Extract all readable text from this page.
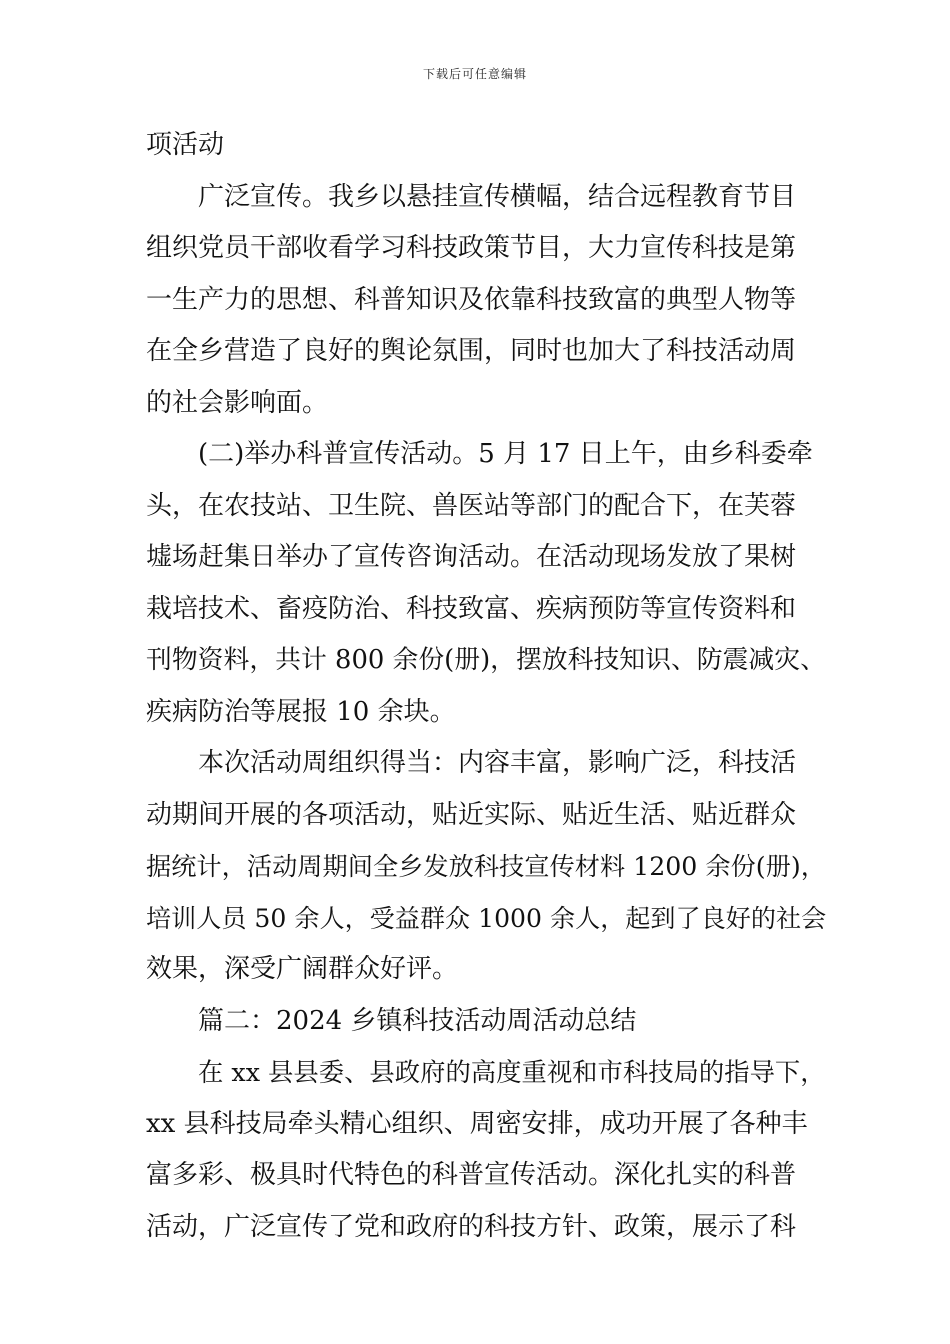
下载后可任意编辑
项活动
广泛宣传。我乡以悬挂宣传横幅，结合远程教育节目
组织党员干部收看学习科技政策节目，大力宣传科技是第
一生产力的思想、科普知识及依靠科技致富的典型人物等
在全乡营造了良好的舆论氛围，同时也加大了科技活动周
的社会影响面。
(二)举办科普宣传活动。5 月 17 日上午，由乡科委牵
头，在农技站、卫生院、兽医站等部门的配合下，在芙蓉
墟场赶集日举办了宣传咨询活动。在活动现场发放了果树
栽培技术、畜疫防治、科技致富、疾病预防等宣传资料和
刊物资料，共计 800 余份(册)，摆放科技知识、防震减灾、
疾病防治等展报 10 余块。
本次活动周组织得当：内容丰富，影响广泛，科技活
动期间开展的各项活动，贴近实际、贴近生活、贴近群众
据统计，活动周期间全乡发放科技宣传材料 1200 余份(册)，
培训人员 50 余人，受益群众 1000 余人，起到了良好的社会
效果，深受广阔群众好评。
篇二：2024 乡镇科技活动周活动总结
在 xx 县县委、县政府的高度重视和市科技局的指导下，
xx 县科技局牵头精心组织、周密安排，成功开展了各种丰
富多彩、极具时代特色的科普宣传活动。深化扎实的科普
活动，广泛宣传了党和政府的科技方针、政策，展示了科
